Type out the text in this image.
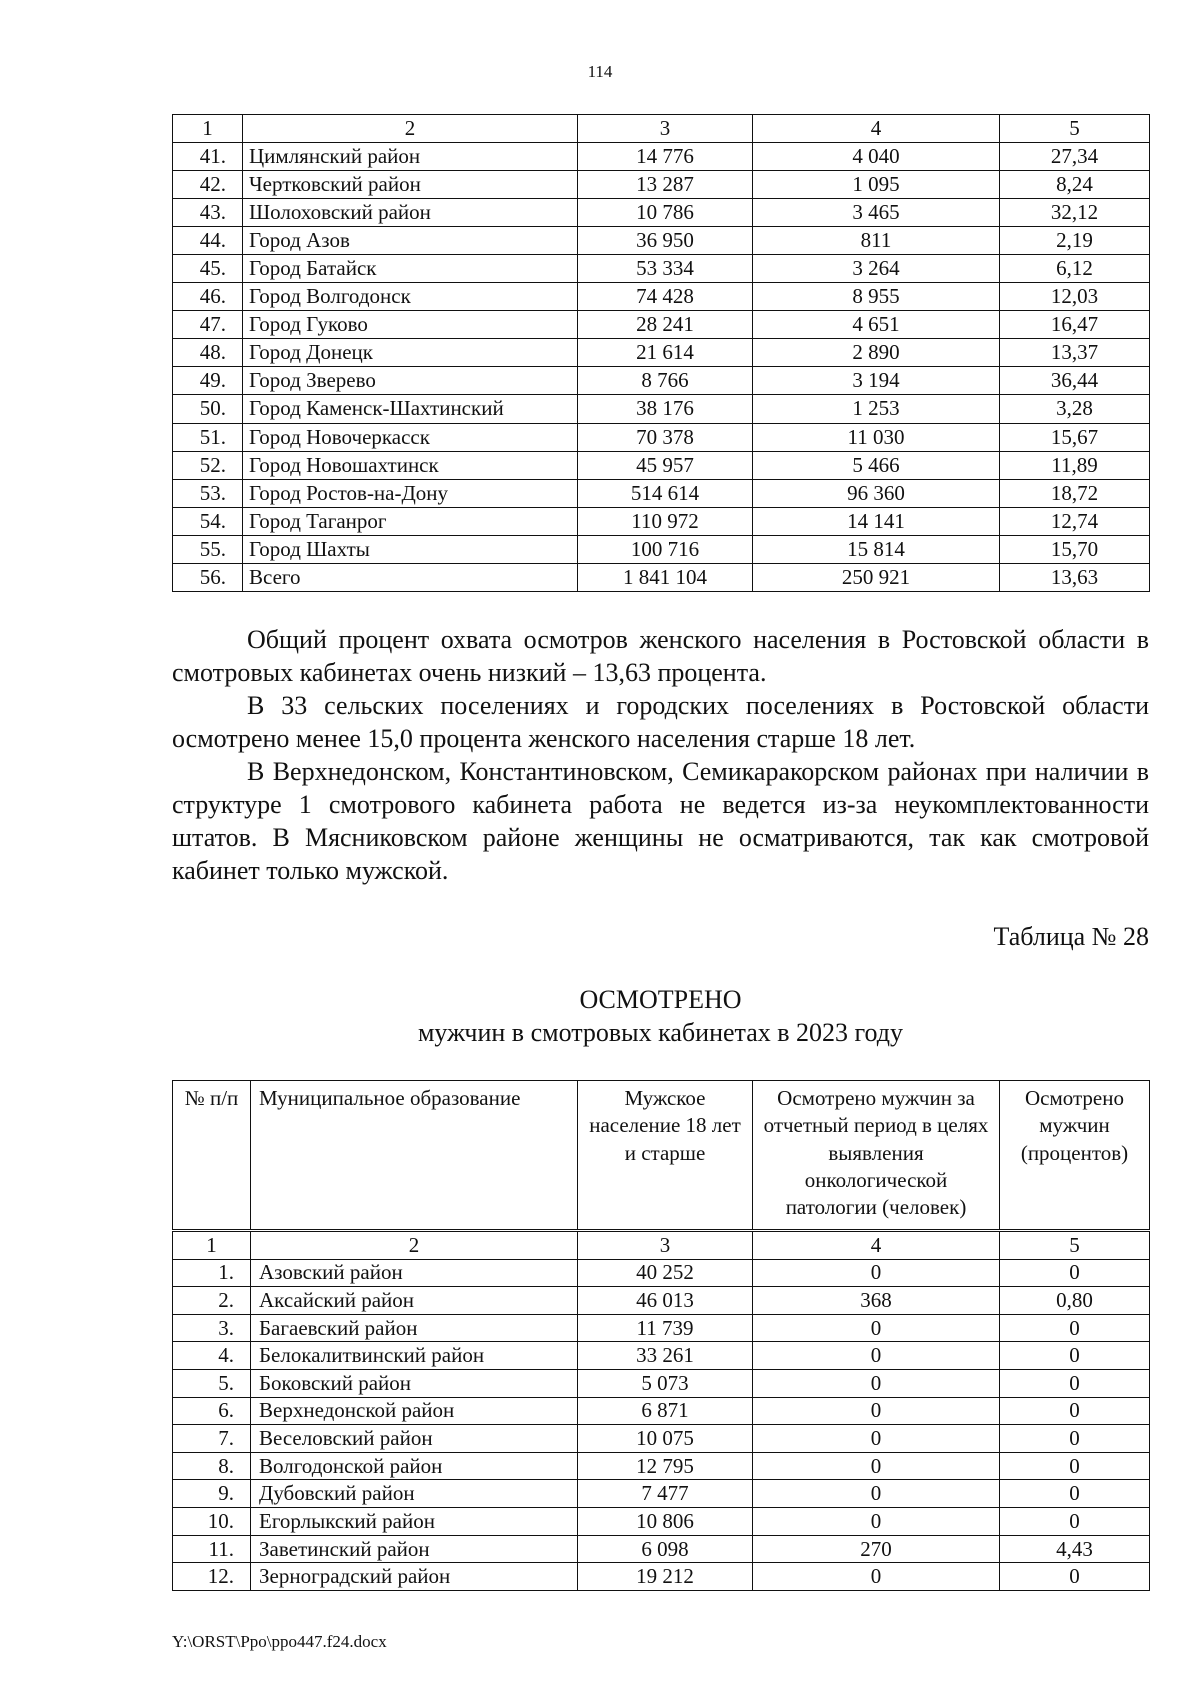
114
1	2	3	4	5
41.	Цимлянский район	14 776	4 040	27,34
42.	Чертковский район	13 287	1 095	8,24
43.	Шолоховский район	10 786	3 465	32,12
44.	Город Азов	36 950	811	2,19
45.	Город Батайск	53 334	3 264	6,12
46.	Город Волгодонск	74 428	8 955	12,03
47.	Город Гуково	28 241	4 651	16,47
48.	Город Донецк	21 614	2 890	13,37
49.	Город Зверево	8 766	3 194	36,44
50.	Город Каменск-Шахтинский	38 176	1 253	3,28
51.	Город Новочеркасск	70 378	11 030	15,67
52.	Город Новошахтинск	45 957	5 466	11,89
53.	Город Ростов-на-Дону	514 614	96 360	18,72
54.	Город Таганрог	110 972	14 141	12,74
55.	Город Шахты	100 716	15 814	15,70
56.	Всего	1 841 104	250 921	13,63
Общий процент охвата осмотров женского населения в Ростовской области в смотровых кабинетах очень низкий – 13,63 процента.
В 33 сельских поселениях и городских поселениях в Ростовской области осмотрено менее 15,0 процента женского населения старше 18 лет.
В Верхнедонском, Константиновском, Семикаракорском районах при наличии в структуре 1 смотрового кабинета работа не ведется из-за неукомплектованности штатов. В Мясниковском районе женщины не осматриваются, так как смотровой кабинет только мужской.
Таблица № 28
ОСМОТРЕНО
мужчин в смотровых кабинетах в 2023 году
№ п/п	Муниципальное образование	Мужское население 18 лет и старше	Осмотрено мужчин за отчетный период в целях выявления онкологической патологии (человек)	Осмотрено мужчин (процентов)
1	2	3	4	5
1.	Азовский район	40 252	0	0
2.	Аксайский район	46 013	368	0,80
3.	Багаевский район	11 739	0	0
4.	Белокалитвинский район	33 261	0	0
5.	Боковский район	5 073	0	0
6.	Верхнедонской район	6 871	0	0
7.	Веселовский район	10 075	0	0
8.	Волгодонской район	12 795	0	0
9.	Дубовский район	7 477	0	0
10.	Егорлыкский район	10 806	0	0
11.	Заветинский район	6 098	270	4,43
12.	Зерноградский район	19 212	0	0
Y:\ORST\Ppo\ppo447.f24.docx
